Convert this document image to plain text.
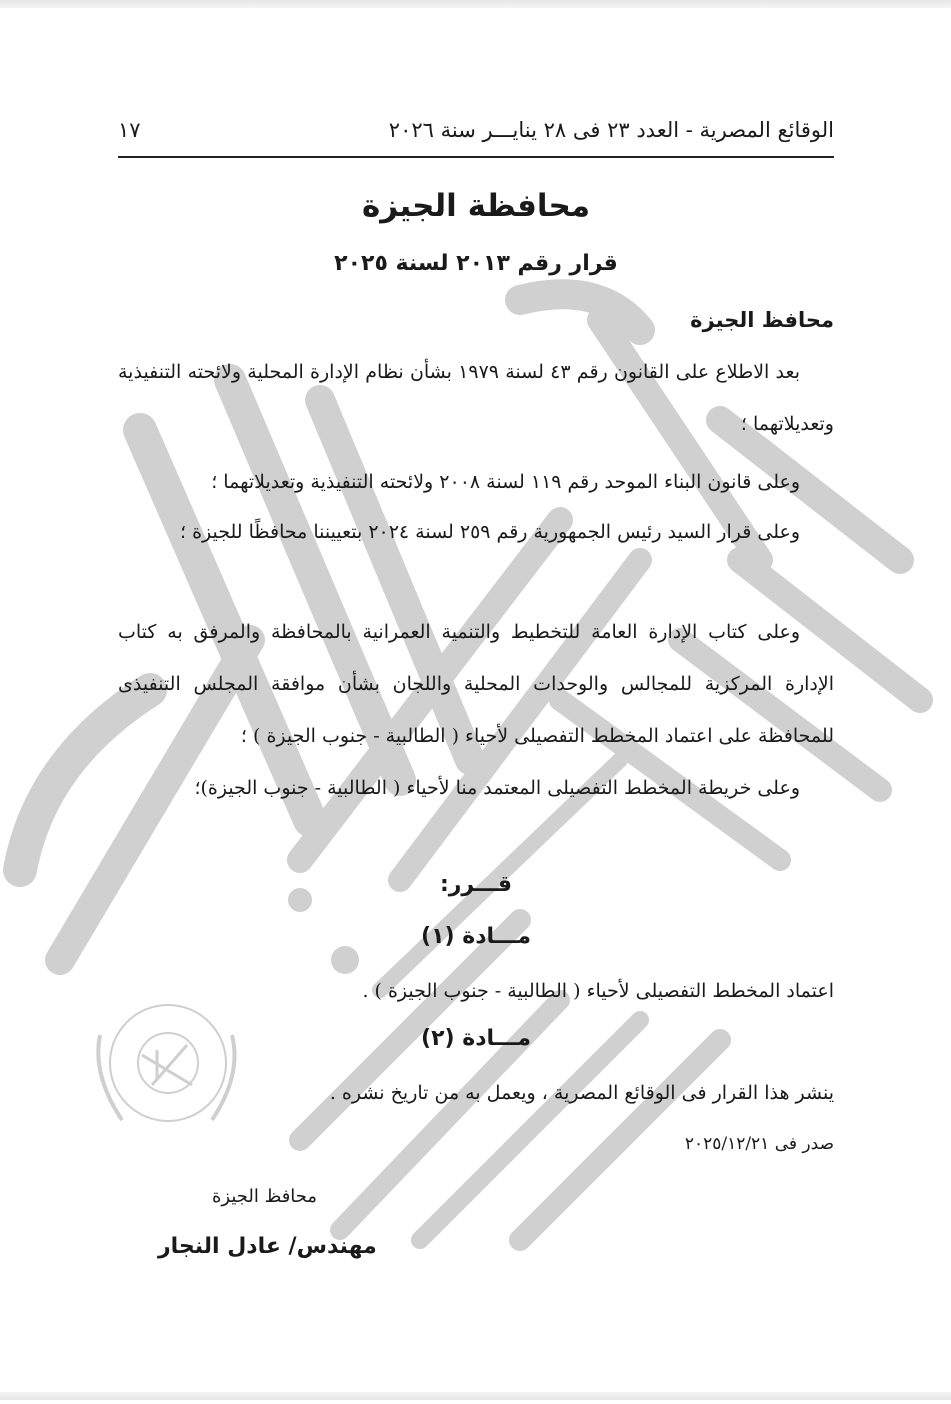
الوقائع المصرية - العدد ٢٣ فى ٢٨ ينايـــر سنة ٢٠٢٦
١٧
محافظة الجيزة
قرار رقم ٢٠١٣ لسنة ٢٠٢٥
محافظ الجيزة

بعد الاطلاع على القانون رقم ٤٣ لسنة ١٩٧٩ بشأن نظام الإدارة المحلية ولائحته التنفيذية وتعديلاتهما ؛

وعلى قانون البناء الموحد رقم ١١٩ لسنة ٢٠٠٨ ولائحته التنفيذية وتعديلاتهما ؛

وعلى قرار السيد رئيس الجمهورية رقم ٢٥٩ لسنة ٢٠٢٤ بتعييننا محافظًا للجيزة ؛

وعلى كتاب الإدارة العامة للتخطيط والتنمية العمرانية بالمحافظة والمرفق به كتاب الإدارة المركزية للمجالس والوحدات المحلية واللجان بشأن موافقة المجلس التنفيذى للمحافظة على اعتماد المخطط التفصيلى لأحياء ( الطالبية - جنوب الجيزة ) ؛

وعلى خريطة المخطط التفصيلى المعتمد منا لأحياء ( الطالبية - جنوب الجيزة)؛

قـــرر:
مـــادة (١)
اعتماد المخطط التفصيلى لأحياء ( الطالبية - جنوب الجيزة ) .
مـــادة (٢)
ينشر هذا القرار فى الوقائع المصرية ، ويعمل به من تاريخ نشره .
صدر فى ٢٠٢٥/١٢/٢١
محافظ الجيزة
مهندس/ عادل النجار
